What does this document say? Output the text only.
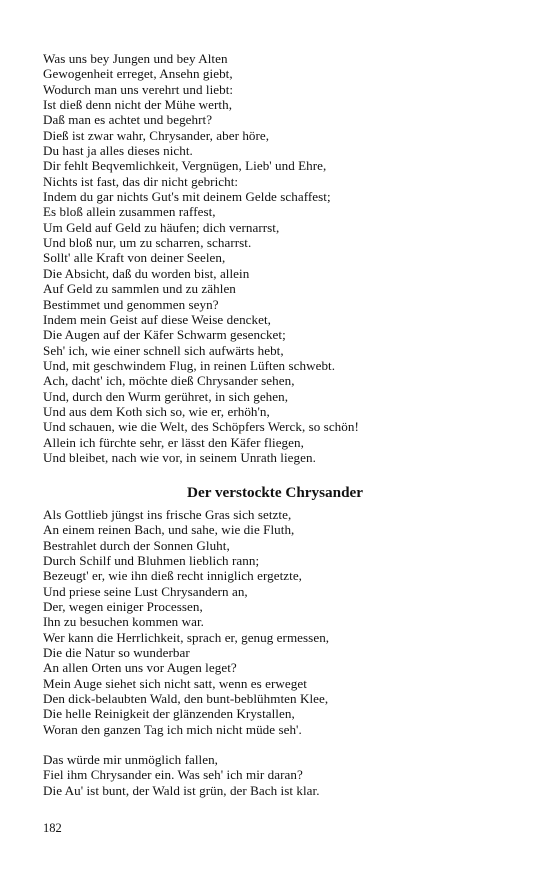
Was uns bey Jungen und bey Alten
Gewogenheit erreget, Ansehn giebt,
Wodurch man uns verehrt und liebt:
Ist dieß denn nicht der Mühe werth,
Daß man es achtet und begehrt?
Dieß ist zwar wahr, Chrysander, aber höre,
Du hast ja alles dieses nicht.
Dir fehlt Beqvemlichkeit, Vergnügen, Lieb' und Ehre,
Nichts ist fast, das dir nicht gebricht:
Indem du gar nichts Gut's mit deinem Gelde schaffest;
Es bloß allein zusammen raffest,
Um Geld auf Geld zu häufen; dich vernarrst,
Und bloß nur, um zu scharren, scharrst.
Sollt' alle Kraft von deiner Seelen,
Die Absicht, daß du worden bist, allein
Auf Geld zu sammlen und zu zählen
Bestimmet und genommen seyn?
Indem mein Geist auf diese Weise dencket,
Die Augen auf der Käfer Schwarm gesencket;
Seh' ich, wie einer schnell sich aufwärts hebt,
Und, mit geschwindem Flug, in reinen Lüften schwebt.
Ach, dacht' ich, möchte dieß Chrysander sehen,
Und, durch den Wurm gerühret, in sich gehen,
Und aus dem Koth sich so, wie er, erhöh'n,
Und schauen, wie die Welt, des Schöpfers Werck, so schön!
Allein ich fürchte sehr, er lässt den Käfer fliegen,
Und bleibet, nach wie vor, in seinem Unrath liegen.
Der verstockte Chrysander
Als Gottlieb jüngst ins frische Gras sich setzte,
An einem reinen Bach, und sahe, wie die Fluth,
Bestrahlet durch der Sonnen Gluht,
Durch Schilf und Bluhmen lieblich rann;
Bezeugt' er, wie ihn dieß recht inniglich ergetzte,
Und priese seine Lust Chrysandern an,
Der, wegen einiger Processen,
Ihn zu besuchen kommen war.
Wer kann die Herrlichkeit, sprach er, genug ermessen,
Die die Natur so wunderbar
An allen Orten uns vor Augen leget?
Mein Auge siehet sich nicht satt, wenn es erweget
Den dick-belaubten Wald, den bunt-beblühmten Klee,
Die helle Reinigkeit der glänzenden Krystallen,
Woran den ganzen Tag ich mich nicht müde seh'.
Das würde mir unmöglich fallen,
Fiel ihm Chrysander ein. Was seh' ich mir daran?
Die Au' ist bunt, der Wald ist grün, der Bach ist klar.
182
